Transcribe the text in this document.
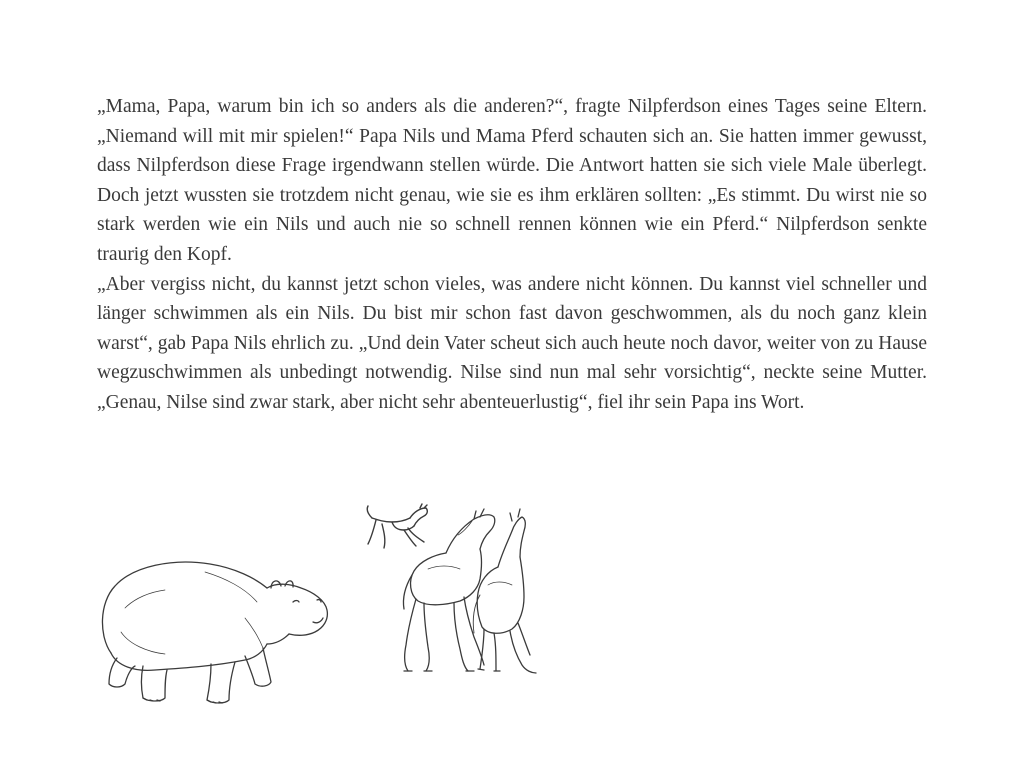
„Mama, Papa, warum bin ich so anders als die anderen?“, fragte Nilpferdson eines Tages seine Eltern. „Niemand will mit mir spielen!“ Papa Nils und Mama Pferd schauten sich an. Sie hatten immer gewusst, dass Nilpferdson diese Frage irgendwann stellen würde. Die Antwort hatten sie sich viele Male überlegt. Doch jetzt wussten sie trotzdem nicht genau, wie sie es ihm erklären sollten: „Es stimmt. Du wirst nie so stark werden wie ein Nils und auch nie so schnell rennen können wie ein Pferd.“ Nilpferdson senkte traurig den Kopf.

„Aber vergiss nicht, du kannst jetzt schon vieles, was andere nicht können. Du kannst viel schneller und länger schwimmen als ein Nils. Du bist mir schon fast davon geschwommen, als du noch ganz klein warst“, gab Papa Nils ehrlich zu. „Und dein Vater scheut sich auch heute noch davor, weiter von zu Hause wegzuschwimmen als unbedingt notwendig. Nilse sind nun mal sehr vorsichtig“, neckte seine Mutter. „Genau, Nilse sind zwar stark, aber nicht sehr abenteuerlustig“, fiel ihr sein Papa ins Wort.
